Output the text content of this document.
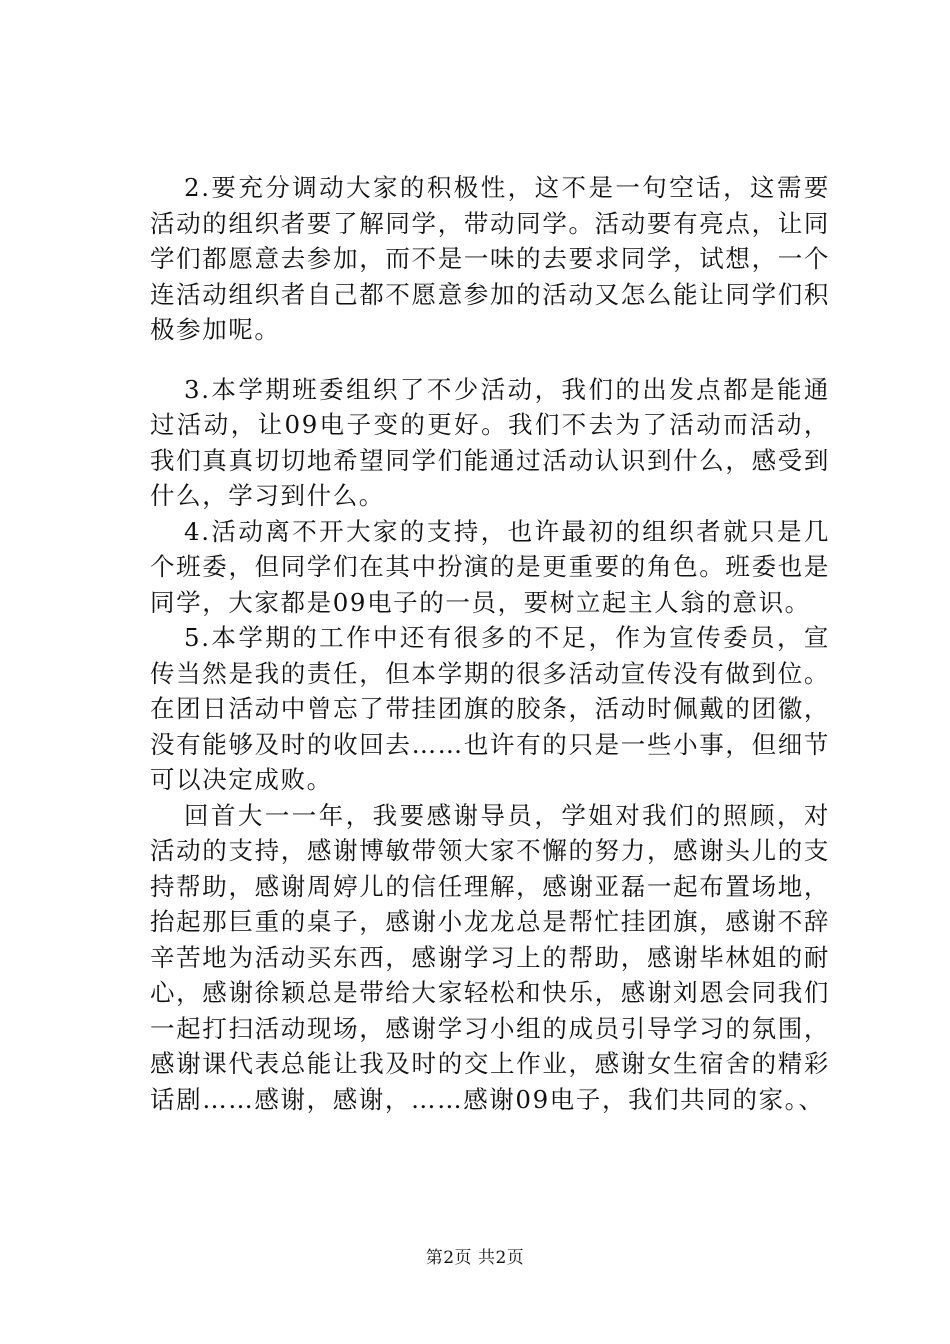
2.要充分调动大家的积极性，这不是一句空话，这需要活动的组织者要了解同学，带动同学。活动要有亮点，让同学们都愿意去参加，而不是一味的去要求同学，试想，一个连活动组织者自己都不愿意参加的活动又怎么能让同学们积极参加呢。

3.本学期班委组织了不少活动，我们的出发点都是能通过活动，让09电子变的更好。我们不去为了活动而活动，我们真真切切地希望同学们能通过活动认识到什么，感受到什么，学习到什么。

4.活动离不开大家的支持，也许最初的组织者就只是几个班委，但同学们在其中扮演的是更重要的角色。班委也是同学，大家都是09电子的一员，要树立起主人翁的意识。

5.本学期的工作中还有很多的不足，作为宣传委员，宣传当然是我的责任，但本学期的很多活动宣传没有做到位。在团日活动中曾忘了带挂团旗的胶条，活动时佩戴的团徽，没有能够及时的收回去……也许有的只是一些小事，但细节可以决定成败。

回首大一一年，我要感谢导员，学姐对我们的照顾，对活动的支持，感谢博敏带领大家不懈的努力，感谢头儿的支持帮助，感谢周婷儿的信任理解，感谢亚磊一起布置场地，抬起那巨重的桌子，感谢小龙龙总是帮忙挂团旗，感谢不辞辛苦地为活动买东西，感谢学习上的帮助，感谢毕林姐的耐心，感谢徐颖总是带给大家轻松和快乐，感谢刘恩会同我们一起打扫活动现场，感谢学习小组的成员引导学习的氛围，感谢课代表总能让我及时的交上作业，感谢女生宿舍的精彩话剧……感谢，感谢，……感谢09电子，我们共同的家。、

第2页 共2页
